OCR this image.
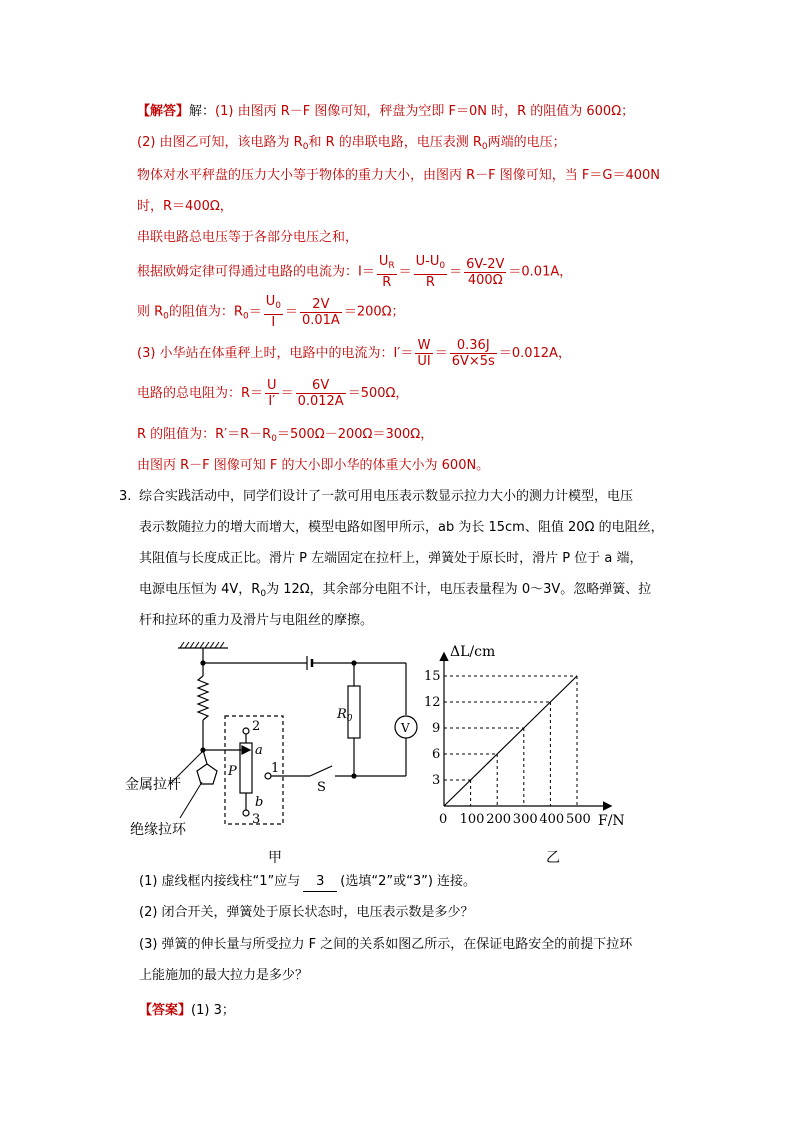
【解答】解：(1) 由图丙 R－F 图像可知，秤盘为空即 F＝0N 时，R 的阻值为 600Ω；
(2) 由图乙可知，该电路为 $R_0$和 R 的串联电路，电压表测 $R_0$两端的电压；
物体对水平秤盘的压力大小等于物体的重力大小，由图丙 R－F 图像可知，当 F＝G＝400N
时，R＝400Ω，
串联电路总电压等于各部分电压之和，
根据欧姆定律可得通过电路的电流为：$I= \frac{U_R}{R} = \frac{U-U_0}{R} = \frac{6V-2V}{400\Omega} =0.01A$，
则 $R_0$的阻值为：$R_0= \frac{U_0}{I} = \frac{2V}{0.01A} =200\Omega$；
(3) 小华站在体重秤上时，电路中的电流为：$I'= \frac{W}{UI} = \frac{0.36J}{6V\times 5s} =0.012A$，
电路的总电阻为：$R= \frac{U}{I'} = \frac{6V}{0.012A} =500\Omega$，
R 的阻值为：$R'=R-R_0=500\Omega-200\Omega=300\Omega$，
由图丙 R－F 图像可知 F 的大小即小华的体重大小为 600N。
3. 综合实践活动中，同学们设计了一款可用电压表示数显示拉力大小的测力计模型，电压
表示数随拉力的增大而增大，模型电路如图甲所示，ab 为长 15cm、阻值 20Ω 的电阻丝，
其阻值与长度成正比。滑片 P 左端固定在拉杆上，弹簧处于原长时，滑片 P 位于 a 端，
电源电压恒为 4V，$R_0$为 12Ω，其余部分电阻不计，电压表量程为 0～3V。忽略弹簧、拉
杆和拉环的重力及滑片与电阻丝的摩擦。
$R_0$
V
S
P
a
b
1
2
3
金属拉杆
绝缘拉环
甲
100 200 300 400 500
3
6
9
12
15
ΔL/cm
F/N
0
乙
(1) 虚线框内接线柱“1”应与 3 (选填“2”或“3”) 连接。
(2) 闭合开关，弹簧处于原长状态时，电压表示数是多少？
(3) 弹簧的伸长量与所受拉力 F 之间的关系如图乙所示，在保证电路安全的前提下拉环
上能施加的最大拉力是多少？
【答案】(1) 3；
